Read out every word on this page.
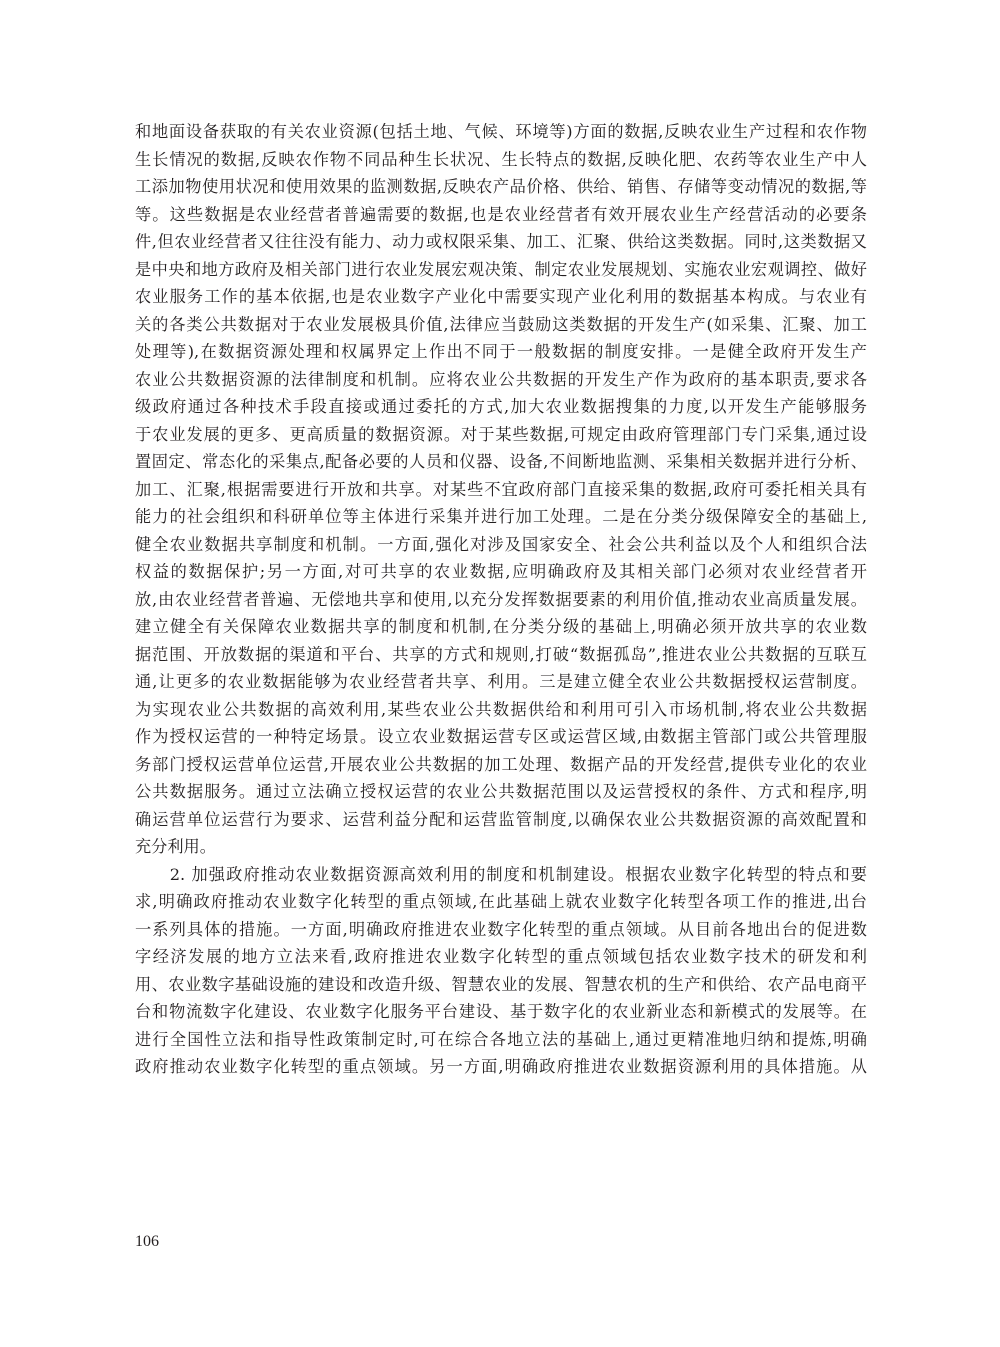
和地面设备获取的有关农业资源(包括土地、气候、环境等)方面的数据,反映农业生产过程和农作物
生长情况的数据,反映农作物不同品种生长状况、生长特点的数据,反映化肥、农药等农业生产中人
工添加物使用状况和使用效果的监测数据,反映农产品价格、供给、销售、存储等变动情况的数据,等
等。这些数据是农业经营者普遍需要的数据,也是农业经营者有效开展农业生产经营活动的必要条
件,但农业经营者又往往没有能力、动力或权限采集、加工、汇聚、供给这类数据。同时,这类数据又
是中央和地方政府及相关部门进行农业发展宏观决策、制定农业发展规划、实施农业宏观调控、做好
农业服务工作的基本依据,也是农业数字产业化中需要实现产业化利用的数据基本构成。与农业有
关的各类公共数据对于农业发展极具价值,法律应当鼓励这类数据的开发生产(如采集、汇聚、加工
处理等),在数据资源处理和权属界定上作出不同于一般数据的制度安排。一是健全政府开发生产
农业公共数据资源的法律制度和机制。应将农业公共数据的开发生产作为政府的基本职责,要求各
级政府通过各种技术手段直接或通过委托的方式,加大农业数据搜集的力度,以开发生产能够服务
于农业发展的更多、更高质量的数据资源。对于某些数据,可规定由政府管理部门专门采集,通过设
置固定、常态化的采集点,配备必要的人员和仪器、设备,不间断地监测、采集相关数据并进行分析、
加工、汇聚,根据需要进行开放和共享。对某些不宜政府部门直接采集的数据,政府可委托相关具有
能力的社会组织和科研单位等主体进行采集并进行加工处理。二是在分类分级保障安全的基础上,
健全农业数据共享制度和机制。一方面,强化对涉及国家安全、社会公共利益以及个人和组织合法
权益的数据保护;另一方面,对可共享的农业数据,应明确政府及其相关部门必须对农业经营者开
放,由农业经营者普遍、无偿地共享和使用,以充分发挥数据要素的利用价值,推动农业高质量发展。
建立健全有关保障农业数据共享的制度和机制,在分类分级的基础上,明确必须开放共享的农业数
据范围、开放数据的渠道和平台、共享的方式和规则,打破“数据孤岛”,推进农业公共数据的互联互
通,让更多的农业数据能够为农业经营者共享、利用。三是建立健全农业公共数据授权运营制度。
为实现农业公共数据的高效利用,某些农业公共数据供给和利用可引入市场机制,将农业公共数据
作为授权运营的一种特定场景。设立农业数据运营专区或运营区域,由数据主管部门或公共管理服
务部门授权运营单位运营,开展农业公共数据的加工处理、数据产品的开发经营,提供专业化的农业
公共数据服务。通过立法确立授权运营的农业公共数据范围以及运营授权的条件、方式和程序,明
确运营单位运营行为要求、运营利益分配和运营监管制度,以确保农业公共数据资源的高效配置和
充分利用。
　　2. 加强政府推动农业数据资源高效利用的制度和机制建设。根据农业数字化转型的特点和要
求,明确政府推动农业数字化转型的重点领域,在此基础上就农业数字化转型各项工作的推进,出台
一系列具体的措施。一方面,明确政府推进农业数字化转型的重点领域。从目前各地出台的促进数
字经济发展的地方立法来看,政府推进农业数字化转型的重点领域包括农业数字技术的研发和利
用、农业数字基础设施的建设和改造升级、智慧农业的发展、智慧农机的生产和供给、农产品电商平
台和物流数字化建设、农业数字化服务平台建设、基于数字化的农业新业态和新模式的发展等。在
进行全国性立法和指导性政策制定时,可在综合各地立法的基础上,通过更精准地归纳和提炼,明确
政府推动农业数字化转型的重点领域。另一方面,明确政府推进农业数据资源利用的具体措施。从
106
